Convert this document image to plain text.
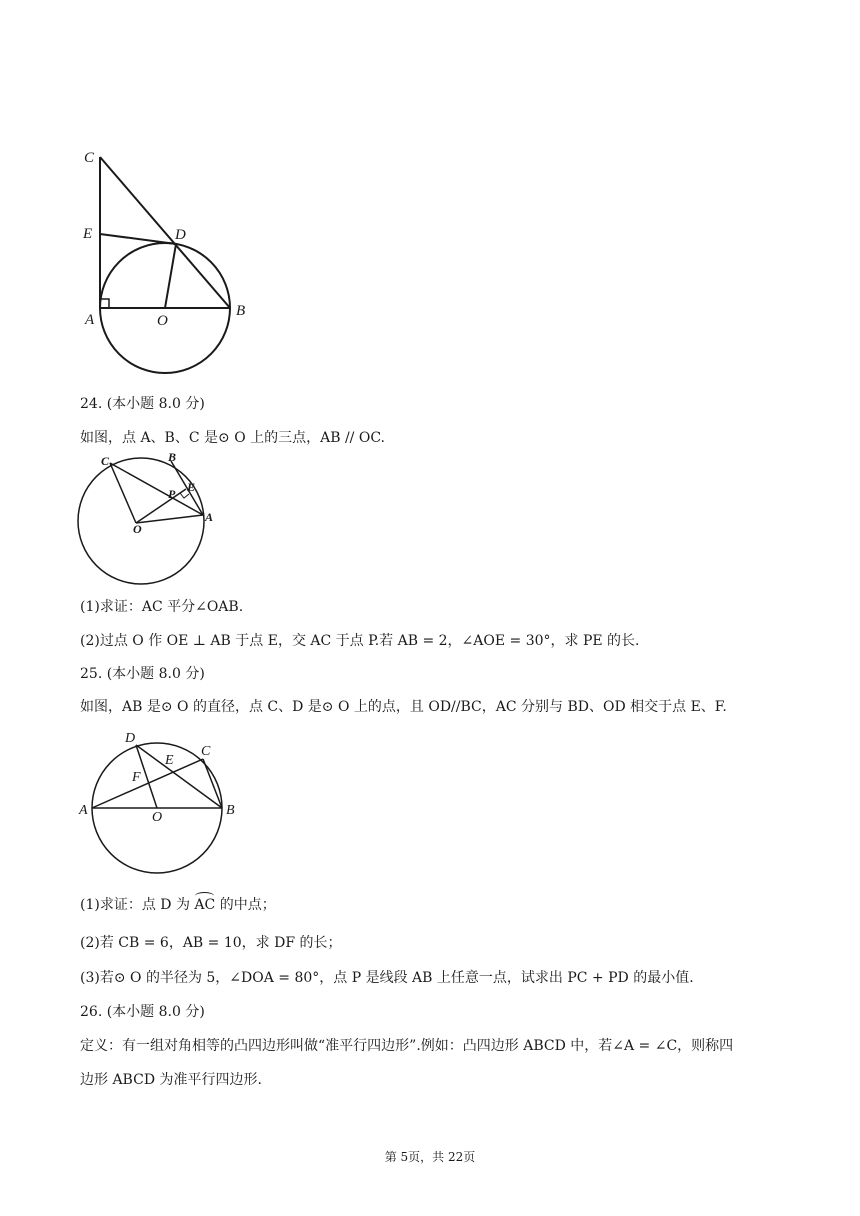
C
E	D
A	O
B
24. (本小题 8.0 分)
如图，点 A、B、C 是⊙ O 上的三点，AB // OC.
C	B
P E
O
A
(1)求证：AC 平分∠OAB.
(2)过点 O 作 OE ⊥ AB 于点 E，交 AC 于点 P.若 AB = 2，∠AOE = 30°，求 PE 的长.
25. (本小题 8.0 分)
如图，AB 是⊙ O 的直径，点 C、D 是⊙ O 上的点，且 OD//BC，AC 分别与 BD、OD 相交于点 E、F.
D
C
E
F
A	O	B
(1)求证：点 D 为 AC 的中点；
(2)若 CB = 6，AB = 10，求 DF 的长；
(3)若⊙ O 的半径为 5，∠DOA = 80°，点 P 是线段 AB 上任意一点，试求出 PC + PD 的最小值.
26. (本小题 8.0 分)
定义：有一组对角相等的凸四边形叫做“准平行四边形”.例如：凸四边形 ABCD 中，若∠A = ∠C，则称四
边形 ABCD 为准平行四边形.
第 5页，共 22页
